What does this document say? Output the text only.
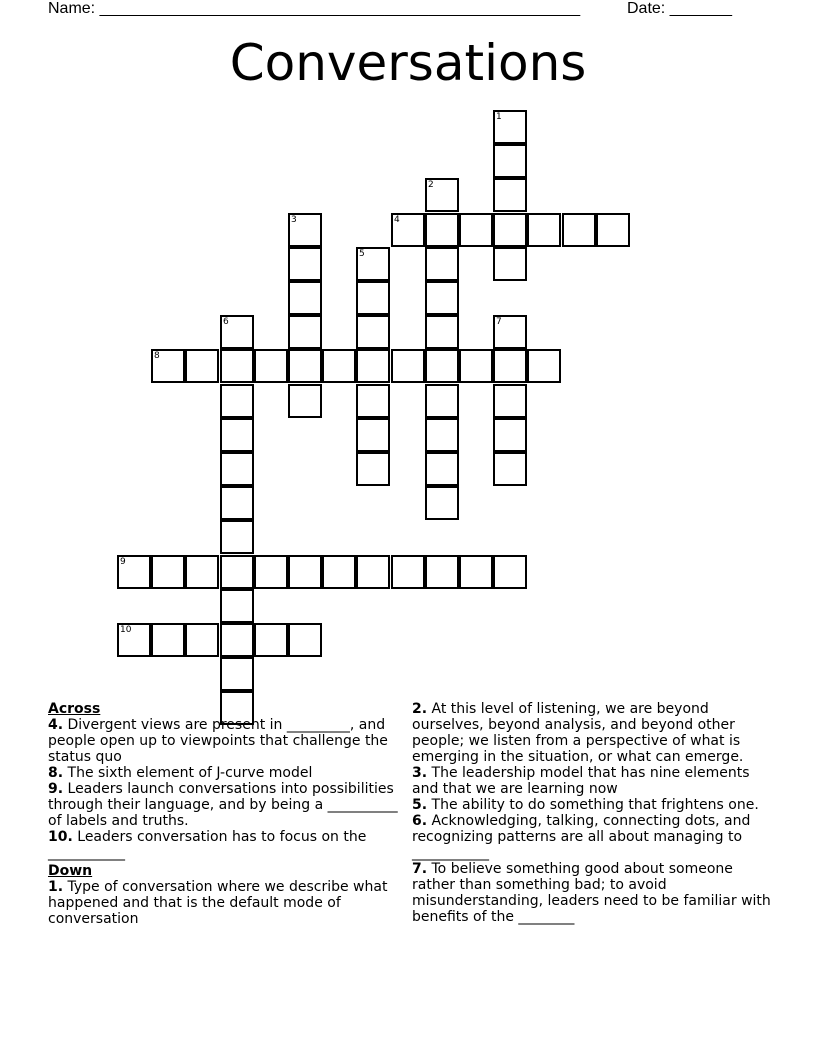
Name: ______________________________________________________	Date: _______
Conversations
1
2
3	4
5
6	7
8
9
10
Across
4. Divergent views are present in _________, and people open up to viewpoints that challenge the status quo
8. The sixth element of J-curve model
9. Leaders launch conversations into possibilities through their language, and by being a __________ of labels and truths.
10. Leaders conversation has to focus on the ___________
Down
1. Type of conversation where we describe what happened and that is the default mode of conversation
2. At this level of listening, we are beyond ourselves, beyond analysis, and beyond other people; we listen from a perspective of what is emerging in the situation, or what can emerge.
3. The leadership model that has nine elements and that we are learning now
5. The ability to do something that frightens one.
6. Acknowledging, talking, connecting dots, and recognizing patterns are all about managing to ___________
7. To believe something good about someone rather than something bad; to avoid misunderstanding, leaders need to be familiar with benefits of the ________
